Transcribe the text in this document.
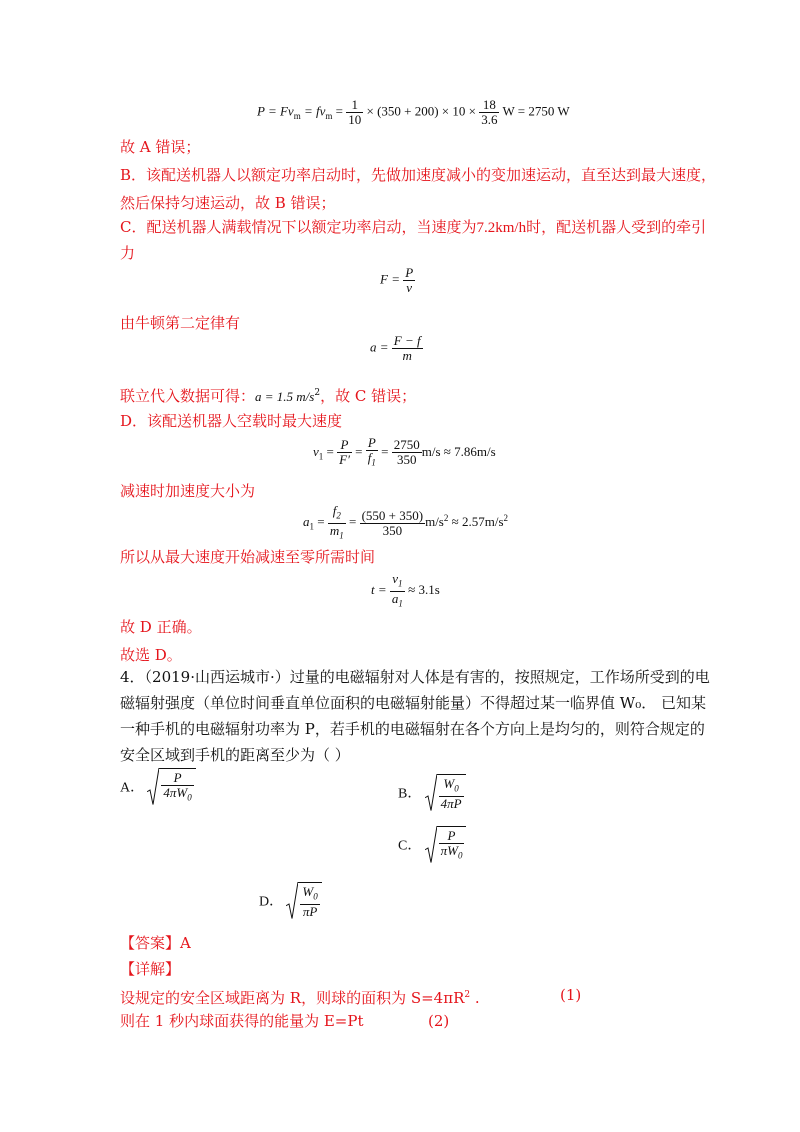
$P = Fv_m = fv_m = \frac{1}{10} \times (350 + 200) \times 10 \times \frac{18}{3.6}$ W = 2750 W
故 A 错误；
B．该配送机器人以额定功率启动时，先做加速度减小的变加速运动，直至达到最大速度，
然后保持匀速运动，故 B 错误；
C．配送机器人满载情况下以额定功率启动，当速度为7.2km/h时，配送机器人受到的牵引
力
$F = \frac{P}{v}$
由牛顿第二定律有
$a = \frac{F - f}{m}$
联立代入数据可得：a = 1.5 $m/s^2$，故 C 错误；
D．该配送机器人空载时最大速度
$v_1 = \frac{P}{F'} = \frac{P}{f_1} = \frac{2750}{350} m/s \approx 7.86m/s$
减速时加速度大小为
$a_1 = \frac{f_2}{m_1} = \frac{(550 + 350)}{350} m/s^2 \approx 2.57m/s^2$
所以从最大速度开始减速至零所需时间
$t = \frac{v_1}{a_1} \approx 3.1s$
故 D 正确。
故选 D。
4．（2019·山西运城市·）过量的电磁辐射对人体是有害的，按照规定，工作场所受到的电
磁辐射强度（单位时间垂直单位面积的电磁辐射能量）不得超过某一临界值 W₀． 已知某
一种手机的电磁辐射功率为 P，若手机的电磁辐射在各个方向上是均匀的，则符合规定的
安全区域到手机的距离至少为（ ）
A． $\frac{P}{4\pi W_0}$	B． $\frac{W_0}{4\pi P}$
C． $\frac{P}{\pi W_0}$
D． $\frac{W_0}{\pi P}$
【答案】A
【详解】
设规定的安全区域距离为 R，则球的面积为 $S=4\pi R^2$ .	(1)
则在 1 秒内球面获得的能量为 E=Pt	(2)
